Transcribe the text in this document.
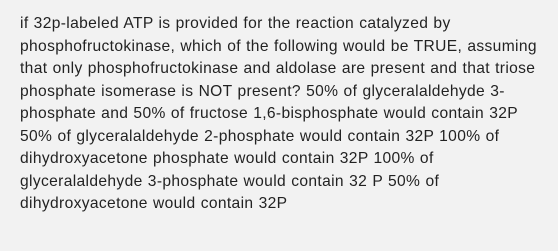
if 32p-labeled ATP is provided for the reaction catalyzed by phosphofructokinase, which of the following would be TRUE, assuming that only phosphofructokinase and aldolase are present and that triose phosphate isomerase is NOT present? 50% of glyceralaldehyde 3-phosphate and 50% of fructose 1,6-bisphosphate would contain 32P 50% of glyceralaldehyde 2-phosphate would contain 32P 100% of dihydroxyacetone phosphate would contain 32P 100% of glyceralaldehyde 3-phosphate would contain 32 P 50% of dihydroxyacetone would contain 32P
